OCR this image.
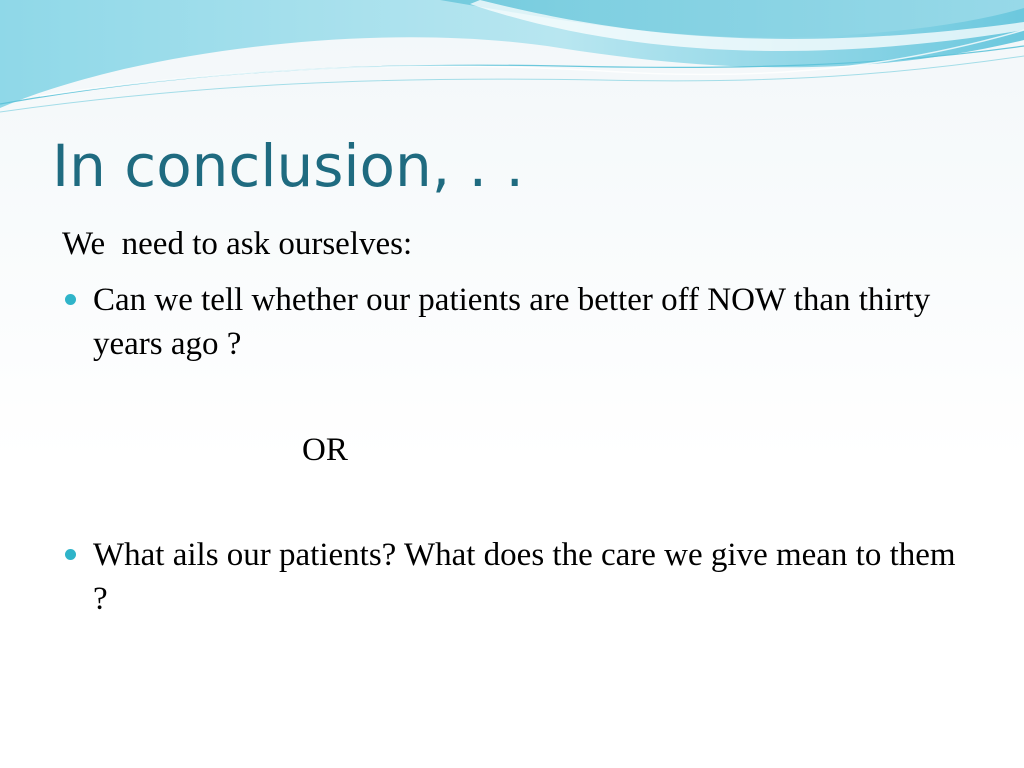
In conclusion, . .
We  need to ask ourselves:
Can we tell whether our patients are better off NOW than thirty years ago ?
OR
What ails our patients? What does the care we give mean to them ?
